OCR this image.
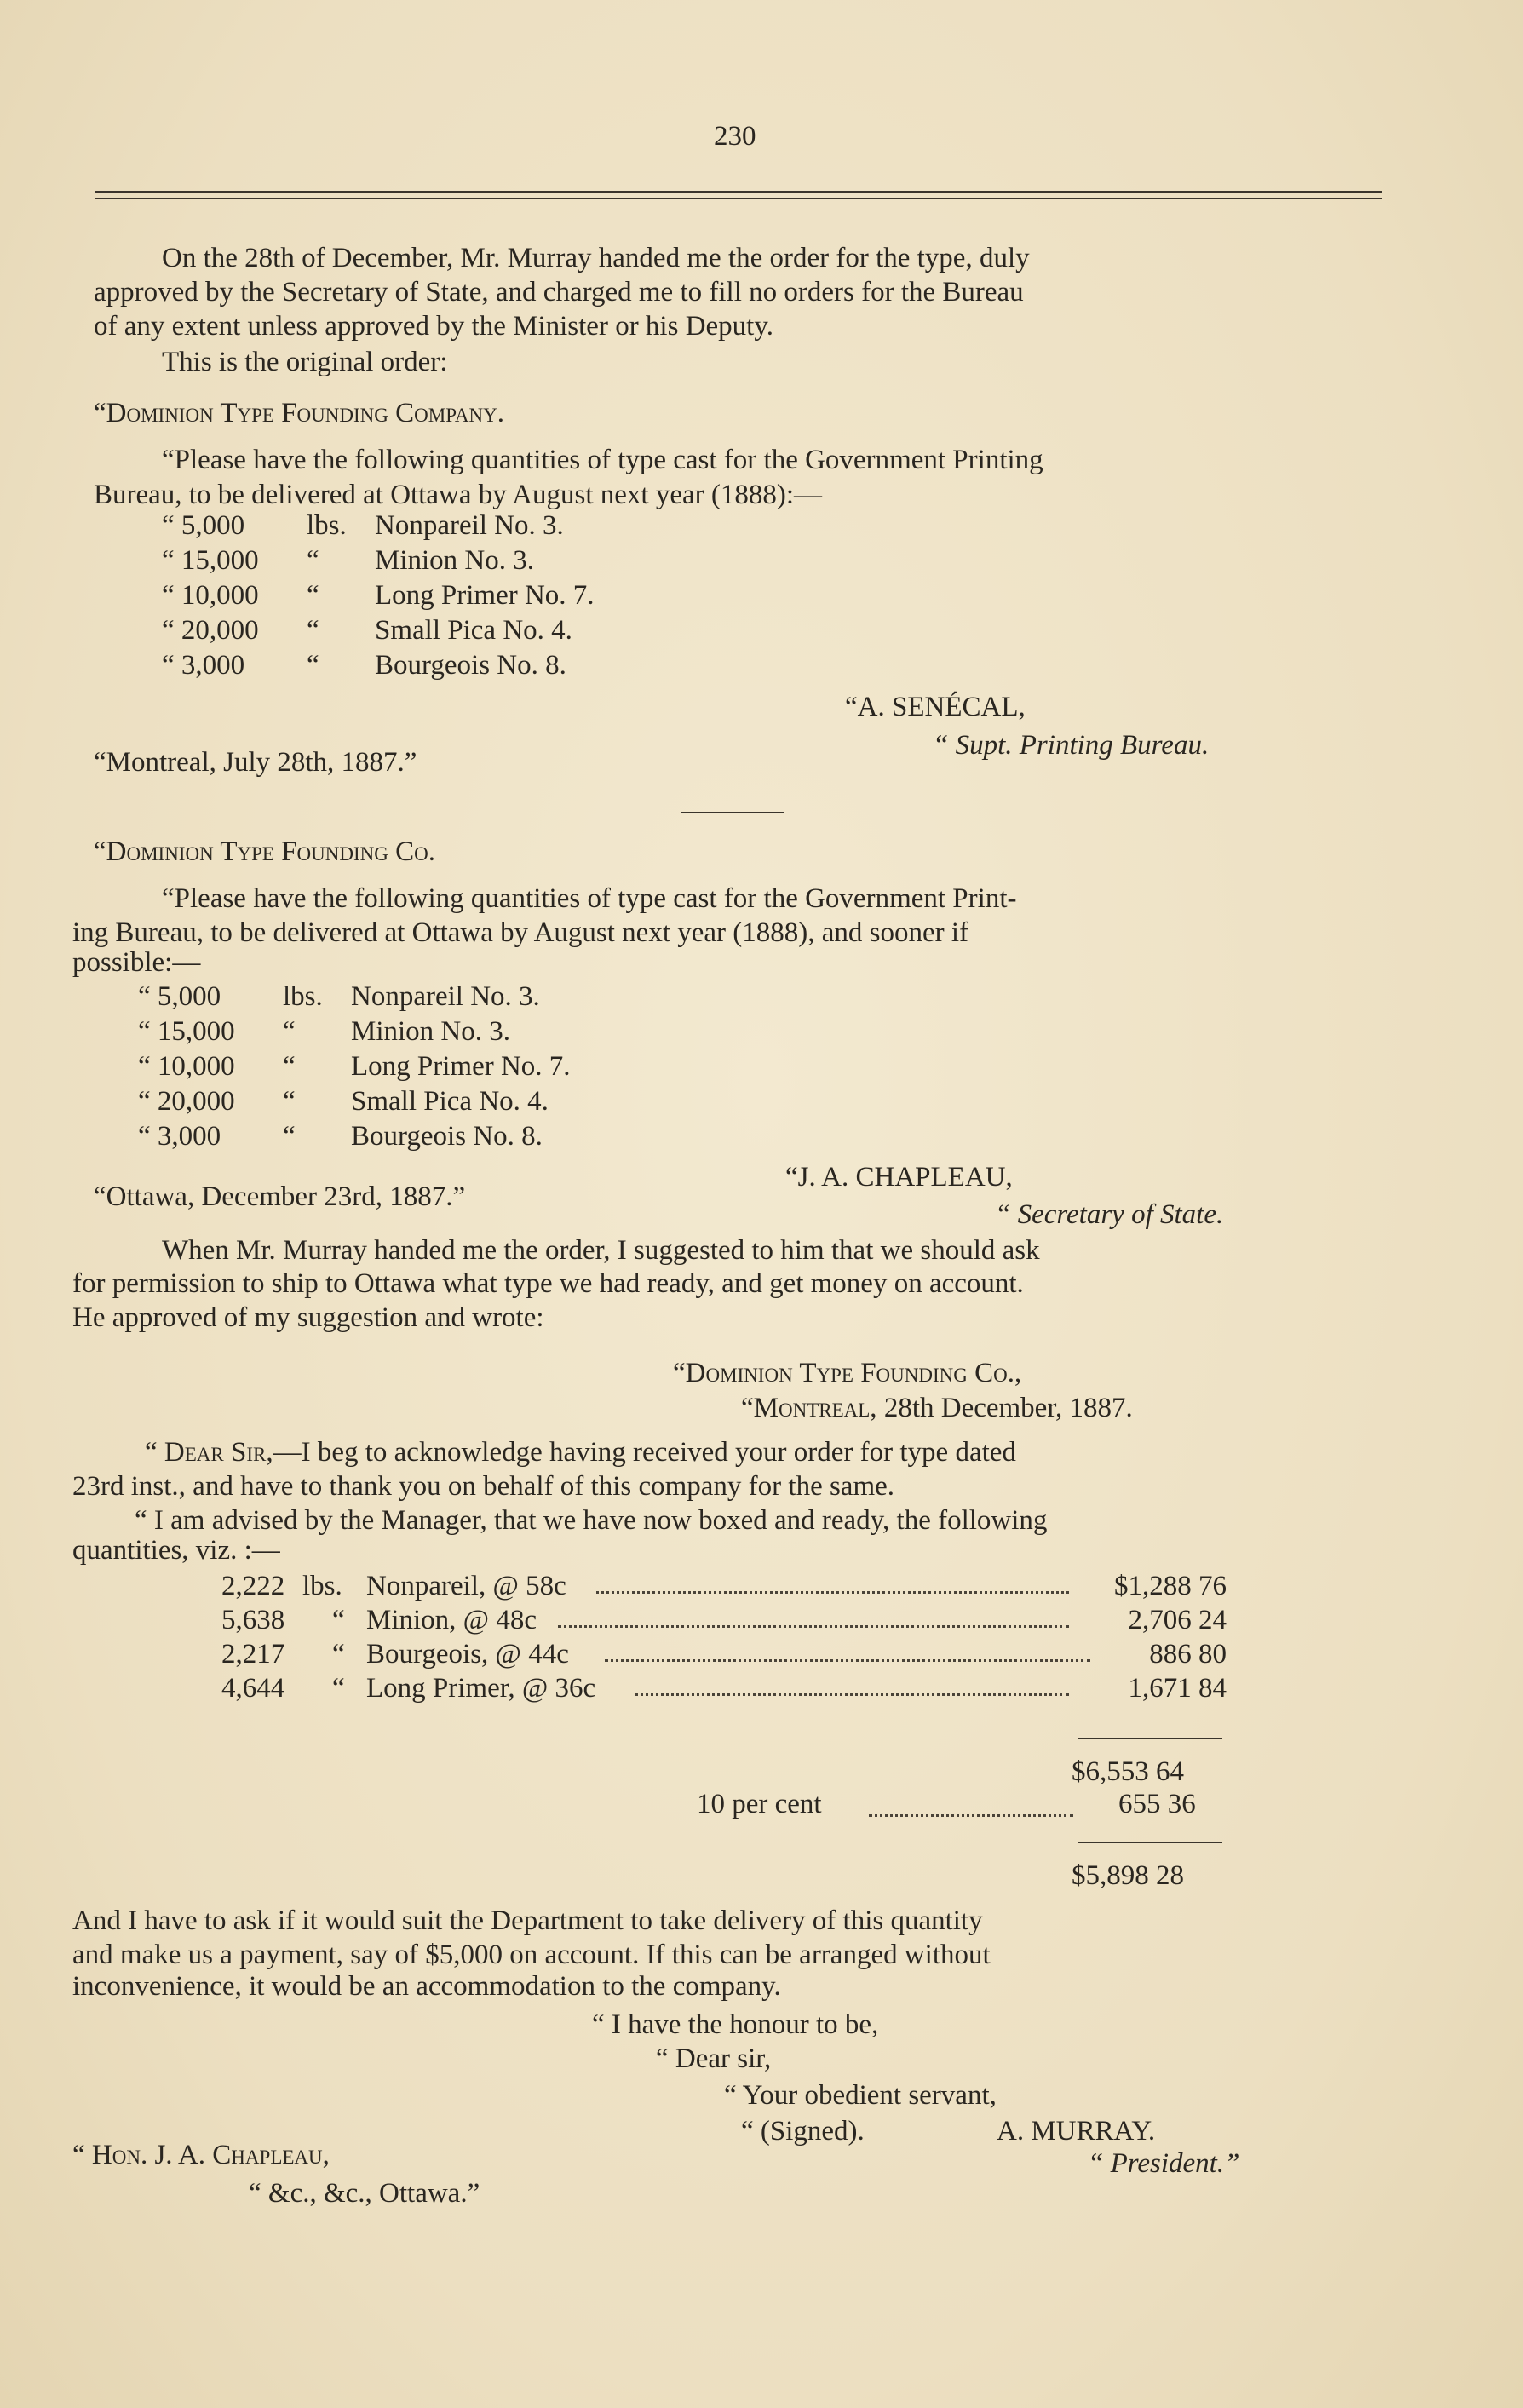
230
On the 28th of December, Mr. Murray handed me the order for the type, duly
approved by the Secretary of State, and charged me to fill no orders for the Bureau
of any extent unless approved by the Minister or his Deputy.
This is the original order:
“Dominion Type Founding Company.
“Please have the following quantities of type cast for the Government Printing
Bureau, to be delivered at Ottawa by August next year (1888):—
“ 5,000	lbs. Nonpareil No. 3.
“ 15,000	“ Minion No. 3.
“ 10,000	“ Long Primer No. 7.
“ 20,000	“ Small Pica No. 4.
“ 3,000	“ Bourgeois No. 8.
“A. SENÉCAL,
“ Supt. Printing Bureau.
“Montreal, July 28th, 1887.”
“Dominion Type Founding Co.
“Please have the following quantities of type cast for the Government Print-
ing Bureau, to be delivered at Ottawa by August next year (1888), and sooner if
possible:—
“ 5,000	lbs. Nonpareil No. 3.
“ 15,000	“ Minion No. 3.
“ 10,000	“ Long Primer No. 7.
“ 20,000	“ Small Pica No. 4.
“ 3,000	“ Bourgeois No. 8.
“J. A. CHAPLEAU,
“Ottawa, December 23rd, 1887.”
“ Secretary of State.
When Mr. Murray handed me the order, I suggested to him that we should ask
for permission to ship to Ottawa what type we had ready, and get money on account.
He approved of my suggestion and wrote:
“Dominion Type Founding Co.,
“Montreal, 28th December, 1887.
“ Dear Sir,—I beg to acknowledge having received your order for type dated
23rd inst., and have to thank you on behalf of this company for the same.
“ I am advised by the Manager, that we have now boxed and ready, the following
quantities, viz. :—
2,222 lbs. Nonpareil, @ 58c	$1,288 76
5,638 “ Minion, @ 48c	2,706 24
2,217 “ Bourgeois, @ 44c	886 80
4,644 “ Long Primer, @ 36c	1,671 84
$6,553 64
10 per cent	655 36
$5,898 28
And I have to ask if it would suit the Department to take delivery of this quantity
and make us a payment, say of $5,000 on account. If this can be arranged without
inconvenience, it would be an accommodation to the company.
“ I have the honour to be,
“ Dear sir,
“ Your obedient servant,
“ (Signed).	A. MURRAY.
“ President.”
“ Hon. J. A. Chapleau,
“ &c., &c., Ottawa.”
